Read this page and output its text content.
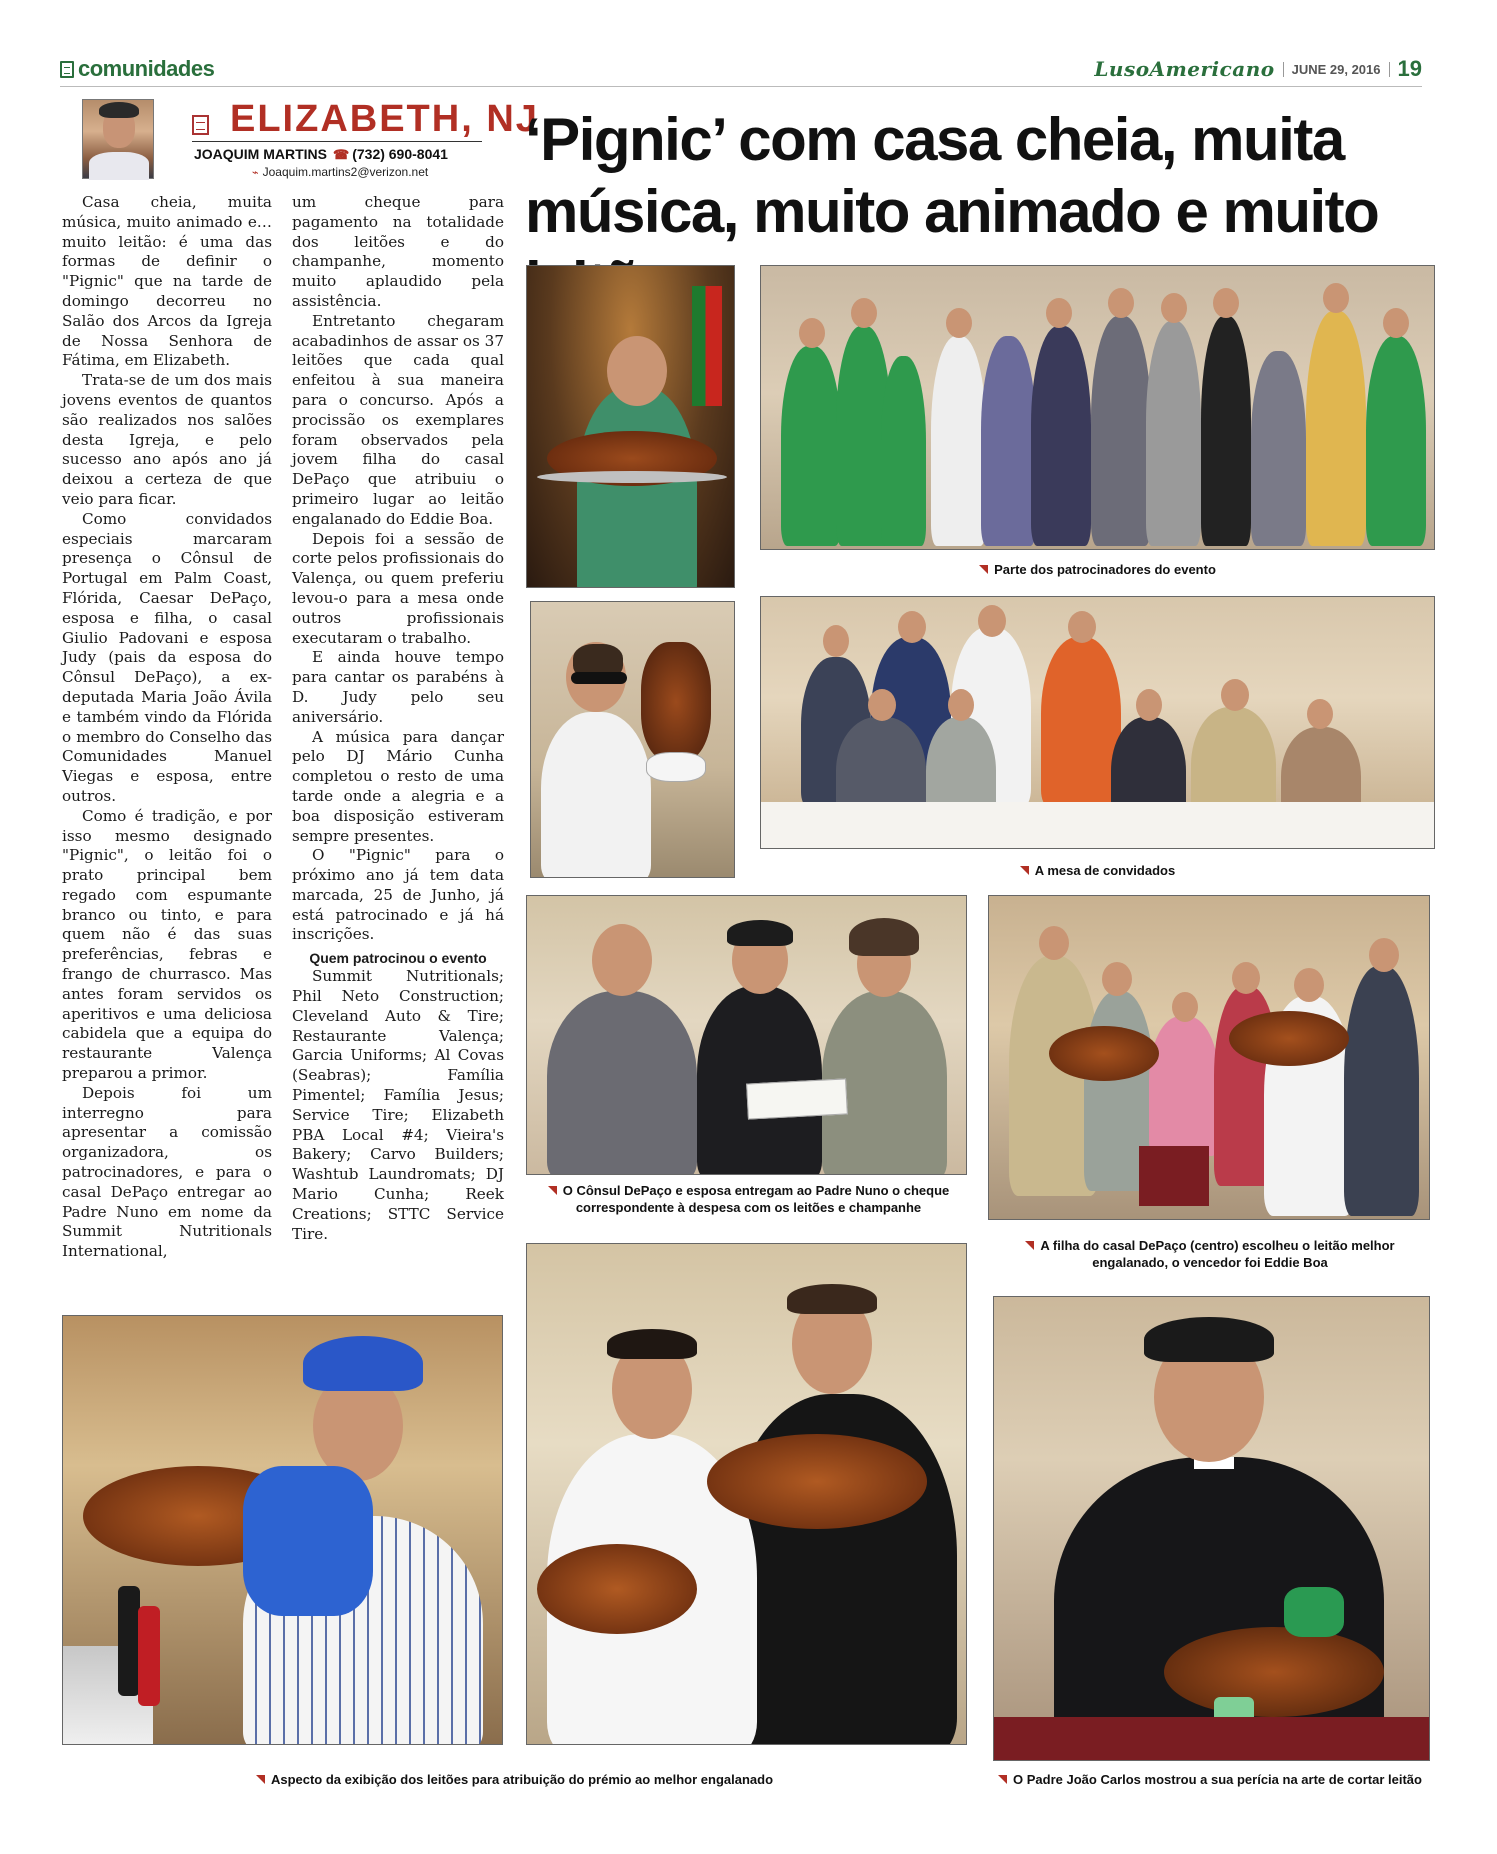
comunidades	LusoAmericano	JUNE 29, 2016 19
ELIZABETH, NJ
JOAQUIM MARTINS ☎ (732) 690-8041
⌁ Joaquim.martins2@verizon.net ‘Pignic’ com casa cheia, muita música, muito animado e muito

Casa cheia, muita música, muito animado e… muito leitão: é uma das formas de definir o "Pignic" que na tarde de domingo decorreu no Salão dos Arcos da Igreja de Nossa Senhora de Fátima, em Elizabeth.

Trata-se de um dos mais jovens eventos de quantos são realizados nos salões desta Igreja, e pelo sucesso ano após ano já deixou a certeza de que veio para ficar.

Como convidados especiais marcaram presença o Cônsul de Portugal em Palm Coast, Flórida, Caesar DePaço, esposa e filha, o casal Giulio Padovani e esposa Judy (pais da esposa do Cônsul DePaço), a ex-deputada Maria João Ávila e também vindo da Flórida o membro do Conselho das Comunidades Manuel Viegas e esposa, entre outros.

Como é tradição, e por isso mesmo designado "Pignic", o leitão foi o prato principal bem regado com espumante branco ou tinto, e para quem não é das suas preferências, febras e frango de churrasco. Mas antes foram servidos os aperitivos e uma deliciosa cabidela que a equipa do restaurante Valença preparou a primor.

Depois foi um interregno para apresentar a comissão organizadora, os patrocinadores, e para o casal DePaço entregar ao Padre Nuno em nome da Summit Nutritionals International,

um cheque para pagamento na totalidade dos leitões e do champanhe, momento muito aplaudido pela assistência.

Entretanto chegaram acabadinhos de assar os 37 leitões que cada qual enfeitou à sua maneira para o concurso. Após a procissão os exemplares foram observados pela jovem filha do casal DePaço que atribuiu o primeiro lugar ao leitão engalanado do Eddie Boa.

Depois foi a sessão de corte pelos profissionais do Valença, ou quem preferiu levou-o para a mesa onde outros profissionais executaram o trabalho.

E ainda houve tempo para cantar os parabéns à D. Judy pelo seu aniversário.

A música para dançar pelo DJ Mário Cunha completou o resto de uma tarde onde a alegria e a boa disposição estiveram sempre presentes.

O "Pignic" para o próximo ano já tem data marcada, 25 de Junho, já está patrocinado e já há inscrições.

Quem patrocinou o evento

Summit Nutritionals; Phil Neto Construction; Cleveland Auto & Tire; Restaurante Valença; Garcia Uniforms; Al Covas (Seabras); Família Pimentel; Família Jesus; Service Tire; Elizabeth PBA Local #4; Vieira's Bakery; Carvo Builders; Washtub Laundromats; DJ Mario Cunha; Reek Creations; STTC Service Tire.

Parte dos patrocinadores do evento
A mesa de convidados
O Cônsul DePaço e esposa entregam ao Padre Nuno o cheque correspondente à despesa com os leitões e champanhe
A filha do casal DePaço (centro) escolheu o leitão melhor engalanado, o vencedor foi Eddie Boa
Aspecto da exibição dos leitões para atribuição do prémio ao melhor engalanado	O Padre João Carlos mostrou a sua perícia na arte de cortar leitão
